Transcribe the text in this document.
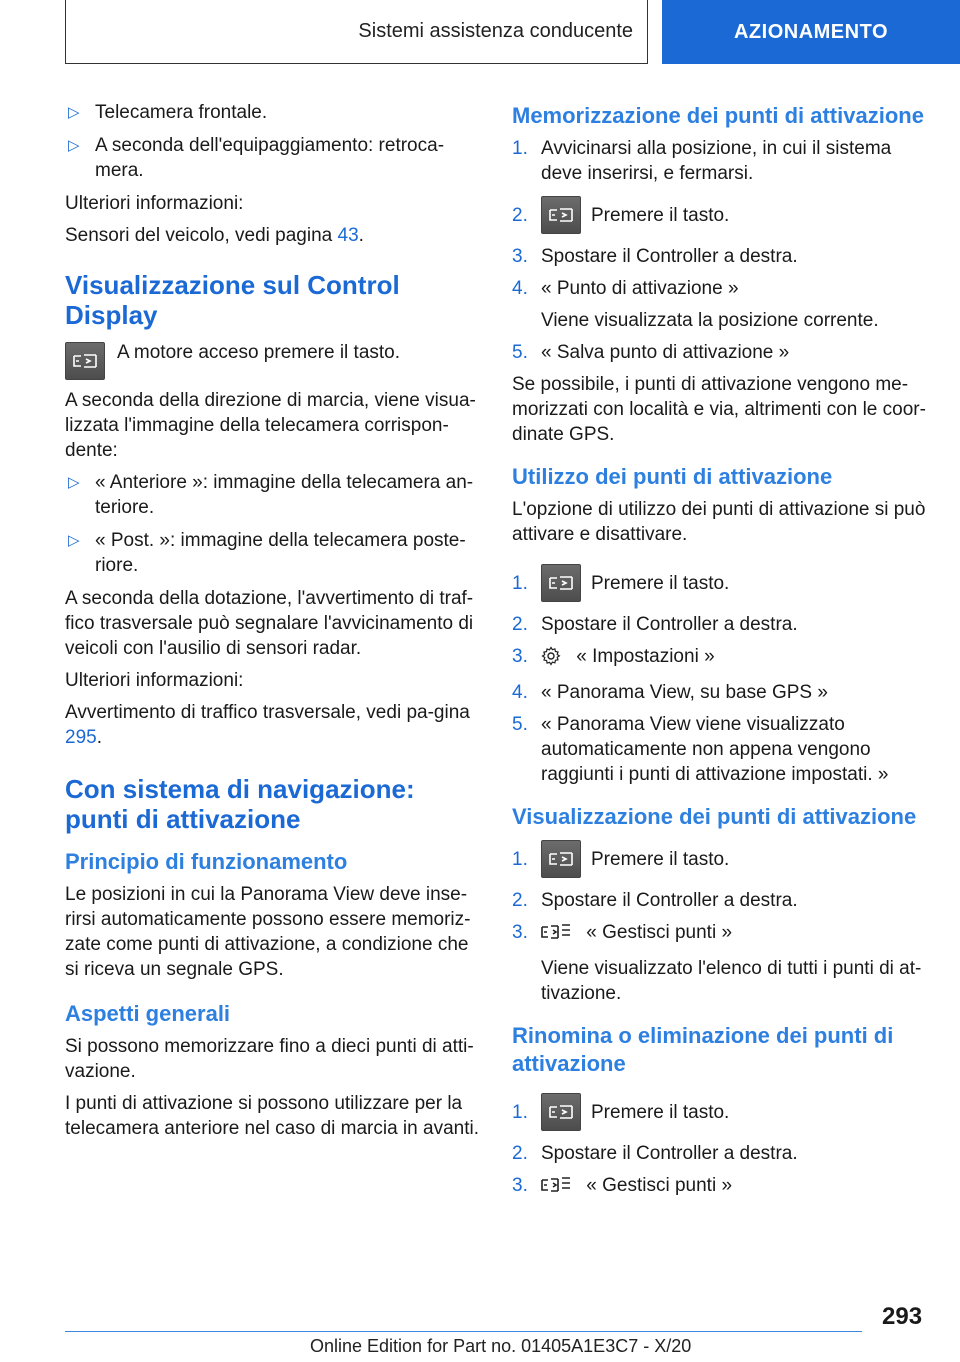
Sistemi assistenza conducente	AZIONAMENTO
▷ Telecamera frontale.
▷ A seconda dell'equipaggiamento: retroca-mera.

Ulteriori informazioni:

Sensori del veicolo, vedi pagina 43.

Visualizzazione sul Control Display

A motore acceso premere il tasto.

A seconda della direzione di marcia, viene visua-lizzata l'immagine della telecamera corrispon-dente:

▷ « Anteriore »: immagine della telecamera an-teriore.
▷ « Post. »: immagine della telecamera poste-riore.

A seconda della dotazione, l'avvertimento di traf-fico trasversale può segnalare l'avvicinamento di veicoli con l'ausilio di sensori radar.

Ulteriori informazioni:

Avvertimento di traffico trasversale, vedi pa-gina 295.

Con sistema di navigazione: punti di attivazione
Principio di funzionamento

Le posizioni in cui la Panorama View deve inse-rirsi automaticamente possono essere memoriz-zate come punti di attivazione, a condizione che si riceva un segnale GPS.

Aspetti generali

Si possono memorizzare fino a dieci punti di atti-vazione.

I punti di attivazione si possono utilizzare per la telecamera anteriore nel caso di marcia in avanti.

Memorizzazione dei punti di attivazione
1. Avvicinarsi alla posizione, in cui il sistema deve inserirsi, e fermarsi.
2.	Premere il tasto.
3. Spostare il Controller a destra.
4. « Punto di attivazione »
Viene visualizzata la posizione corrente.
5. « Salva punto di attivazione »

Se possibile, i punti di attivazione vengono me-morizzati con località e via, altrimenti con le coor-dinate GPS.

Utilizzo dei punti di attivazione

L'opzione di utilizzo dei punti di attivazione si può attivare e disattivare.

1.	Premere il tasto.
2. Spostare il Controller a destra.
3.	« Impostazioni »
4. « Panorama View, su base GPS »
5. « Panorama View viene visualizzato automaticamente non appena vengono raggiunti i punti di attivazione impostati. »
Visualizzazione dei punti di attivazione
1.	Premere il tasto.
2. Spostare il Controller a destra.
3.	« Gestisci punti »
Viene visualizzato l'elenco di tutti i punti di at-tivazione.
Rinomina o eliminazione dei punti di attivazione
1.	Premere il tasto.
2. Spostare il Controller a destra.
3.	« Gestisci punti »
293
Online Edition for Part no. 01405A1E3C7 - X/20
